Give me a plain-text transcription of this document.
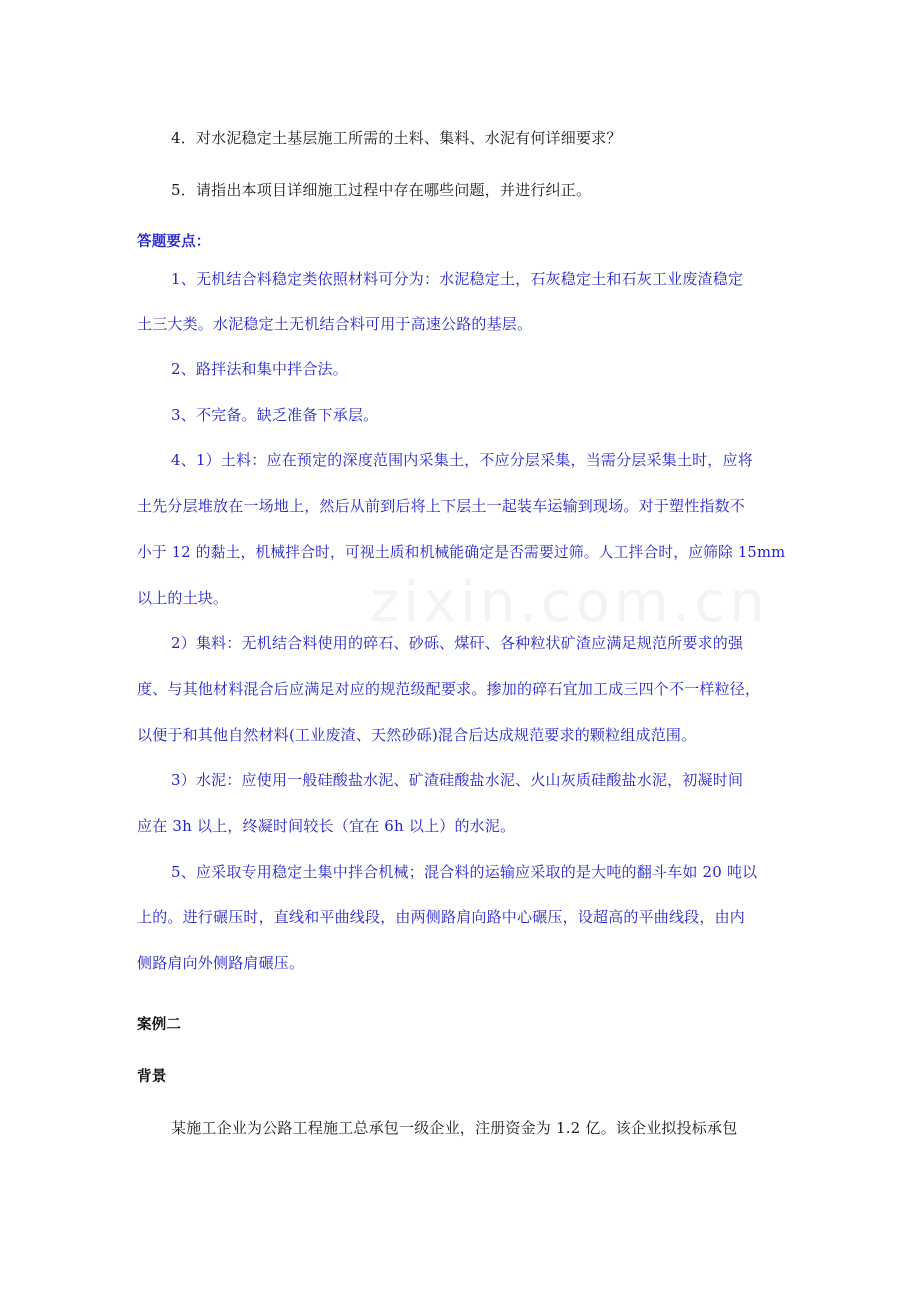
4．对水泥稳定土基层施工所需的土料、集料、水泥有何详细要求？
5．请指出本项目详细施工过程中存在哪些问题，并进行纠正。
答题要点：
1、无机结合料稳定类依照材料可分为：水泥稳定土，石灰稳定土和石灰工业废渣稳定
土三大类。水泥稳定土无机结合料可用于高速公路的基层。
2、路拌法和集中拌合法。
3、不完备。缺乏准备下承层。
4、1）土料：应在预定的深度范围内采集土，不应分层采集，当需分层采集土时，应将
土先分层堆放在一场地上，然后从前到后将上下层土一起装车运输到现场。对于塑性指数不
小于 12 的黏土，机械拌合时，可视土质和机械能确定是否需要过筛。人工拌合时，应筛除 15mm
以上的土块。
2）集料：无机结合料使用的碎石、砂砾、煤矸、各种粒状矿渣应满足规范所要求的强
度、与其他材料混合后应满足对应的规范级配要求。掺加的碎石宜加工成三四个不一样粒径，
以便于和其他自然材料(工业废渣、天然砂砾)混合后达成规范要求的颗粒组成范围。
3）水泥：应使用一般硅酸盐水泥、矿渣硅酸盐水泥、火山灰质硅酸盐水泥，初凝时间
应在 3h 以上，终凝时间较长（宜在 6h 以上）的水泥。
5、应采取专用稳定土集中拌合机械；混合料的运输应采取的是大吨的翻斗车如 20 吨以
上的。进行碾压时，直线和平曲线段，由两侧路肩向路中心碾压，设超高的平曲线段，由内
侧路肩向外侧路肩碾压。
案例二
背景
某施工企业为公路工程施工总承包一级企业，注册资金为 1.2 亿。该企业拟投标承包
zixin.com.cn
